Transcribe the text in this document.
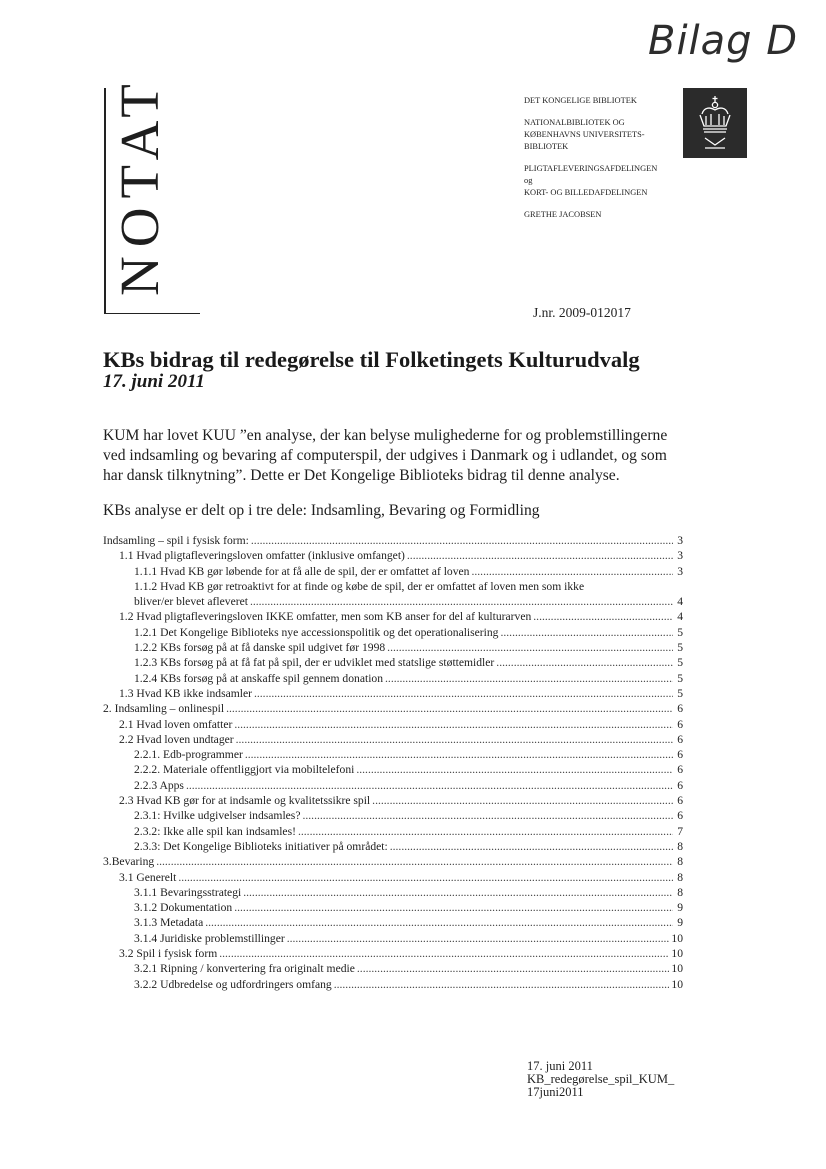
Bilag D
NOTAT	DET KONGELIGE BIBLIOTEK

NATIONALBIBLIOTEK OG

KØBENHAVNS UNIVERSITETS-

BIBLIOTEK

PLIGTAFLEVERINGSAFDELINGEN

og

KORT- OG BILLEDAFDELINGEN

GRETHE JACOBSEN

J.nr. 2009-012017
KBs bidrag til redegørelse til Folketingets Kulturudvalg
17. juni 2011

KUM har lovet KUU ”en analyse, der kan belyse mulighederne for og problemstillingerne

ved indsamling og bevaring af computerspil, der udgives i Danmark og i udlandet, og som

har dansk tilknytning”. Dette er Det Kongelige Biblioteks bidrag til denne analyse.

KBs analyse er delt op i tre dele: Indsamling, Bevaring og Formidling

Indsamling – spil i fysisk form: .....	3
1.1 Hvad pligtafleveringsloven omfatter (inklusive omfanget) .....	3
1.1.1 Hvad KB gør løbende for at få alle de spil, der er omfattet af loven .....	3
1.1.2 Hvad KB gør retroaktivt for at finde og købe de spil, der er omfattet af loven men som ikke
bliver/er blevet afleveret .....	4
1.2 Hvad pligtafleveringsloven IKKE omfatter, men som KB anser for del af kulturarven .....	4
1.2.1 Det Kongelige Biblioteks nye accessionspolitik og det operationalisering .....	5
1.2.2 KBs forsøg på at få danske spil udgivet før 1998 .....	5
1.2.3 KBs forsøg på at få fat på spil, der er udviklet med statslige støttemidler .....	5
1.2.4 KBs forsøg på at anskaffe spil gennem donation .....	5
1.3 Hvad KB ikke indsamler .....	5
2. Indsamling – onlinespil .....	6
2.1 Hvad loven omfatter .....	6
2.2 Hvad loven undtager .....	6
2.2.1. Edb-programmer .....	6
2.2.2. Materiale offentliggjort via mobiltelefoni .....	6
2.2.3 Apps .....	6
2.3 Hvad KB gør for at indsamle og kvalitetssikre spil .....	6
2.3.1: Hvilke udgivelser indsamles? .....	6
2.3.2: Ikke alle spil kan indsamles! .....	7
2.3.3: Det Kongelige Biblioteks initiativer på området: .....	8
3.Bevaring .....	8
3.1 Generelt .....	8
3.1.1 Bevaringsstrategi .....	8
3.1.2 Dokumentation .....	9
3.1.3 Metadata .....	9
3.1.4 Juridiske problemstillinger .....	10
3.2 Spil i fysisk form .....	10
3.2.1 Ripning / konvertering fra originalt medie .....	10
3.2.2 Udbredelse og udfordringers omfang .....	10
17. juni 2011
KB_redegørelse_spil_KUM_
17juni2011
